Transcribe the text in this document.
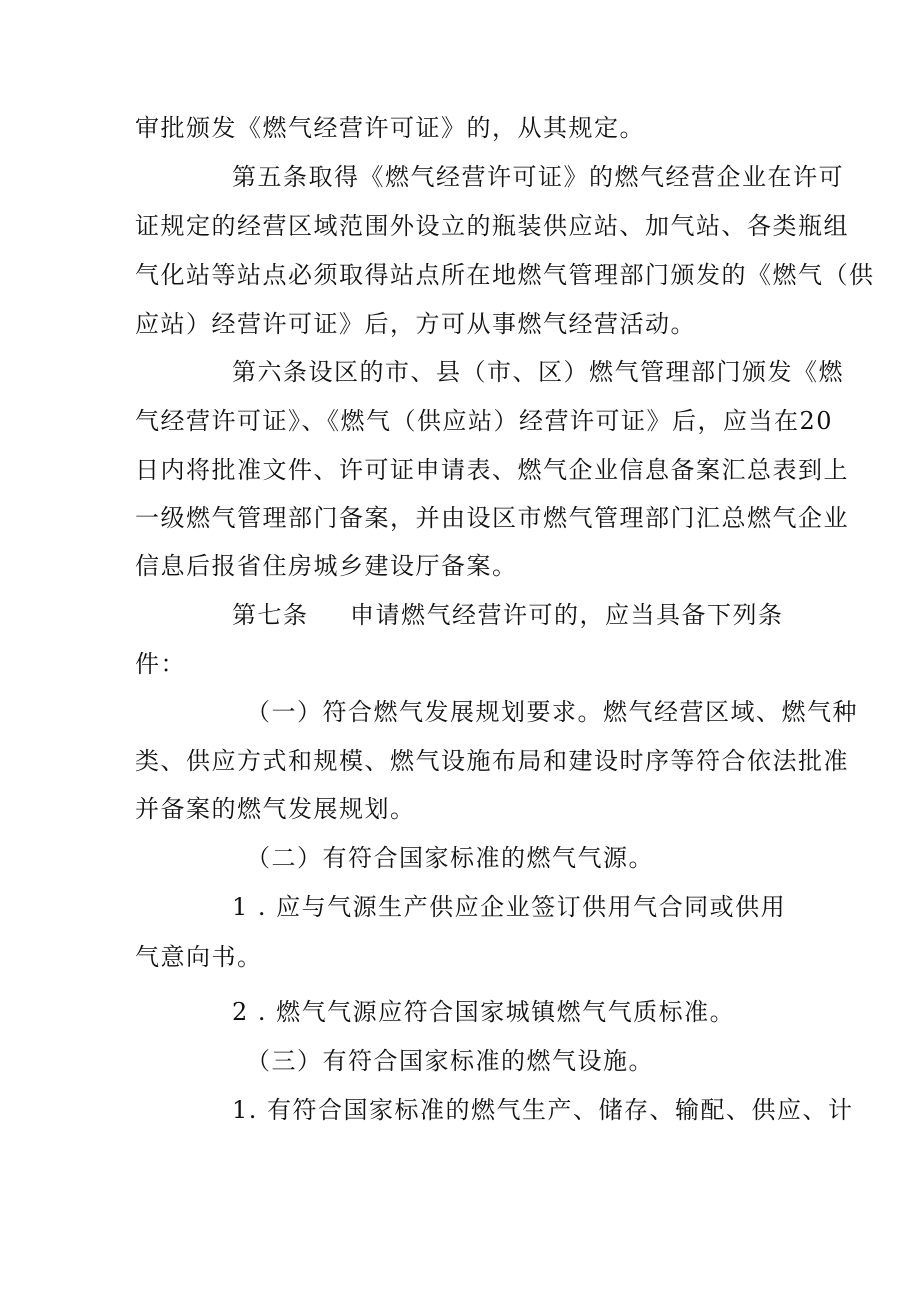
审批颁发《燃气经营许可证》的，从其规定。
第五条取得《燃气经营许可证》的燃气经营企业在许可
证规定的经营区域范围外设立的瓶装供应站、加气站、各类瓶组
气化站等站点必须取得站点所在地燃气管理部门颁发的《燃气（供
应站）经营许可证》后，方可从事燃气经营活动。
第六条设区的市、县（市、区）燃气管理部门颁发《燃
气经营许可证》、《燃气（供应站）经营许可证》后，应当在20
日内将批准文件、许可证申请表、燃气企业信息备案汇总表到上
一级燃气管理部门备案，并由设区市燃气管理部门汇总燃气企业
信息后报省住房城乡建设厅备案。
第七条 申请燃气经营许可的，应当具备下列条
件：
（一）符合燃气发展规划要求。燃气经营区域、燃气种
类、供应方式和规模、燃气设施布局和建设时序等符合依法批准
并备案的燃气发展规划。
（二）有符合国家标准的燃气气源。
1 . 应与气源生产供应企业签订供用气合同或供用
气意向书。
2 . 燃气气源应符合国家城镇燃气气质标准。
（三）有符合国家标准的燃气设施。
1. 有符合国家标准的燃气生产、储存、输配、供应、计
